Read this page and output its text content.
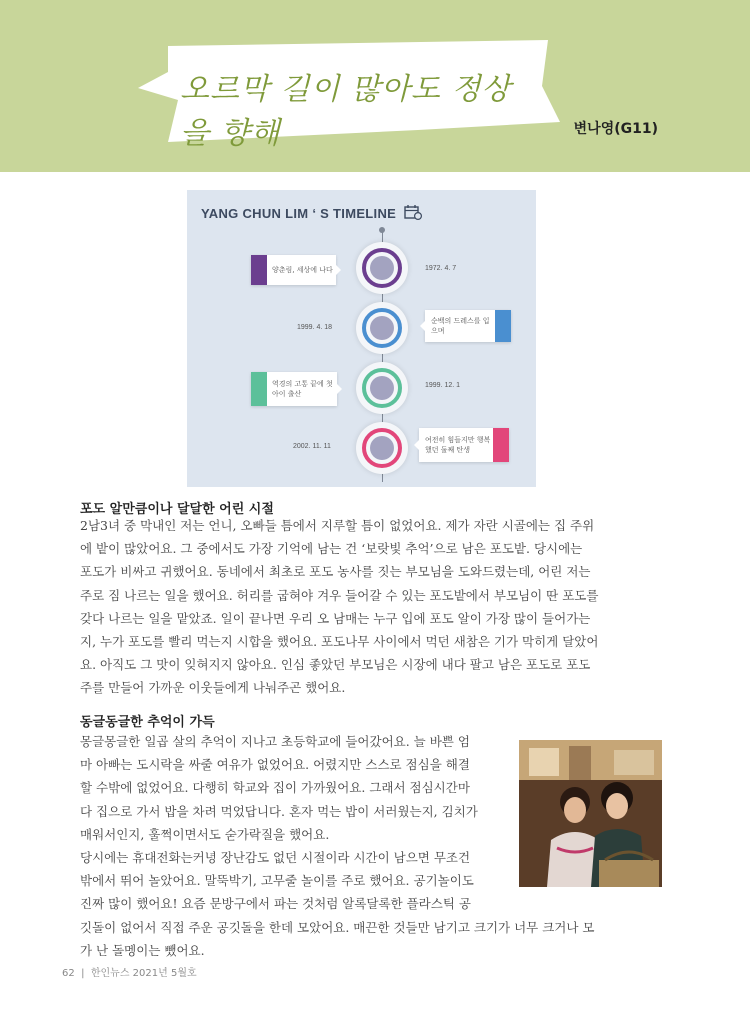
오르막 길이 많아도 정상을 향해	변나영(G11)
YANG CHUN LIM ‘ S TIMELINE
양춘림, 세상에 나다	1972. 4. 7
1999. 4. 18
순백의 드레스를 입으며
역경의 고통 끝에 첫 아이 출산
1999. 12. 1
2002. 11. 11
여전히 힘들지만 행복했던 둘째 탄생
포도 알만큼이나 달달한 어린 시절
2남3녀 중 막내인 저는 언니, 오빠들 틈에서 지루할 틈이 없었어요. 제가 자란 시골에는 집 주위
에 밭이 많았어요. 그 중에서도 가장 기억에 남는 건 ‘보랏빛 추억’으로 남은 포도밭. 당시에는
포도가 비싸고 귀했어요. 동네에서 최초로 포도 농사를 짓는 부모님을 도와드렸는데, 어린 저는
주로 짐 나르는 일을 했어요. 허리를 굽혀야 겨우 들어갈 수 있는 포도밭에서 부모님이 딴 포도를
갖다 나르는 일을 맡았죠. 일이 끝나면 우리 오 남매는 누구 입에 포도 알이 가장 많이 들어가는
지, 누가 포도를 빨리 먹는지 시합을 했어요. 포도나무 사이에서 먹던 새참은 기가 막히게 달았어
요. 아직도 그 맛이 잊혀지지 않아요. 인심 좋았던 부모님은 시장에 내다 팔고 남은 포도로 포도
주를 만들어 가까운 이웃들에게 나눠주곤 했어요.
동글동글한 추억이 가득
몽글몽글한 일곱 살의 추억이 지나고 초등학교에 들어갔어요. 늘 바쁜 엄
마 아빠는 도시락을 싸줄 여유가 없었어요. 어렸지만 스스로 점심을 해결
할 수밖에 없었어요. 다행히 학교와 집이 가까웠어요. 그래서 점심시간마
다 집으로 가서 밥을 차려 먹었답니다. 혼자 먹는 밥이 서러웠는지, 김치가
매워서인지, 훌쩍이면서도 숟가락질을 했어요.
당시에는 휴대전화는커녕 장난감도 없던 시절이라 시간이 남으면 무조건
밖에서 뛰어 놀았어요. 말뚝박기, 고무줄 놀이를 주로 했어요. 공기놀이도
진짜 많이 했어요! 요즘 문방구에서 파는 것처럼 알록달록한 플라스틱 공
깃돌이 없어서 직접 주운 공깃돌을 한데 모았어요. 매끈한 것들만 남기고 크기가 너무 크거나 모
가 난 돌멩이는 뺐어요.
62  |  한인뉴스 2021년 5월호
